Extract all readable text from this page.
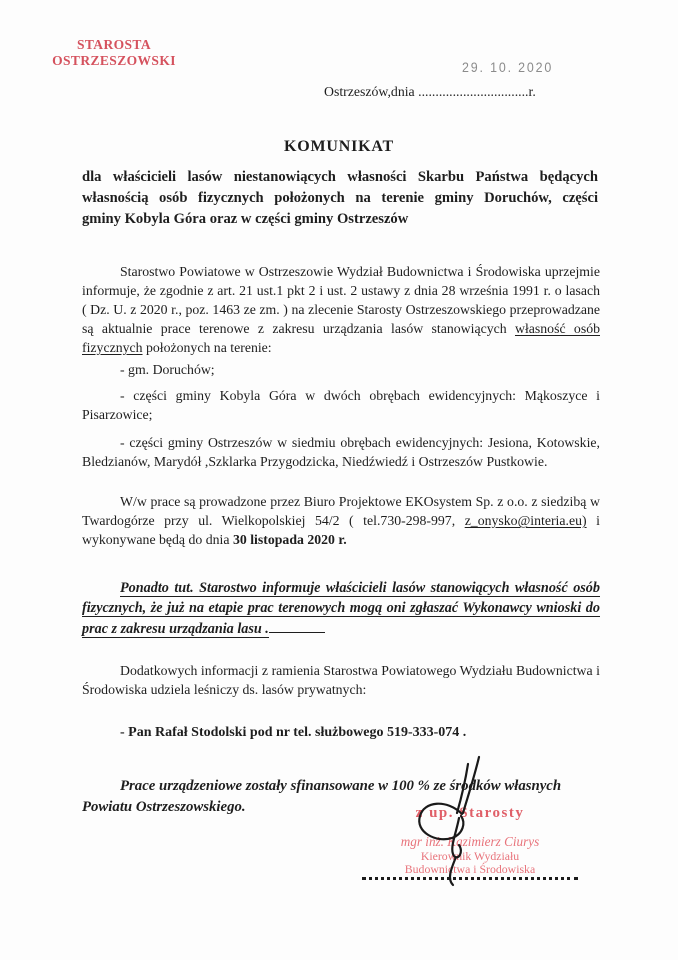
STAROSTA
OSTRZESZOWSKI	29. 10. 2020
Ostrzeszów,dnia ................................r.
KOMUNIKAT
dla właścicieli lasów niestanowiących własności Skarbu Państwa będących
własnością osób fizycznych położonych na terenie gminy Doruchów, części
gminy Kobyla Góra oraz w części gminy Ostrzeszów
Starostwo Powiatowe w Ostrzeszowie Wydział Budownictwa i Środowiska uprzejmie informuje, że zgodnie z art. 21 ust.1 pkt 2 i ust. 2 ustawy z dnia 28 września 1991 r. o lasach ( Dz. U. z 2020 r., poz. 1463 ze zm. ) na zlecenie Starosty Ostrzeszowskiego przeprowadzane są aktualnie prace terenowe z zakresu urządzania lasów stanowiących własność osób fizycznych położonych na terenie:
- gm. Doruchów;
- części gminy Kobyla Góra w dwóch obrębach ewidencyjnych: Mąkoszyce i Pisarzowice;
- części gminy Ostrzeszów w siedmiu obrębach ewidencyjnych: Jesiona, Kotowskie, Bledzianów, Marydół ,Szklarka Przygodzicka, Niedźwiedź i Ostrzeszów Pustkowie.
W/w prace są prowadzone przez Biuro Projektowe EKOsystem Sp. z o.o. z siedzibą w Twardogórze przy ul. Wielkopolskiej 54/2 ( tel.730-298-997, z_onysko@interia.eu) i wykonywane będą do dnia 30 listopada 2020 r.
Ponadto tut. Starostwo informuje właścicieli lasów stanowiących własność osób
fizycznych, że już na etapie prac terenowych mogą oni zgłaszać Wykonawcy wnioski do
prac z zakresu urządzania lasu .
Dodatkowych informacji z ramienia Starostwa Powiatowego Wydziału Budownictwa i Środowiska udziela leśniczy ds. lasów prywatnych:
- Pan Rafał Stodolski pod nr tel. służbowego 519-333-074 .
Prace urządzeniowe zostały sfinansowane w 100 % ze środków własnych
Powiatu Ostrzeszowskiego.	z up. Starosty
mgr inż. Kazimierz Ciurys
Kierownik Wydziału
Budownictwa i Środowiska
